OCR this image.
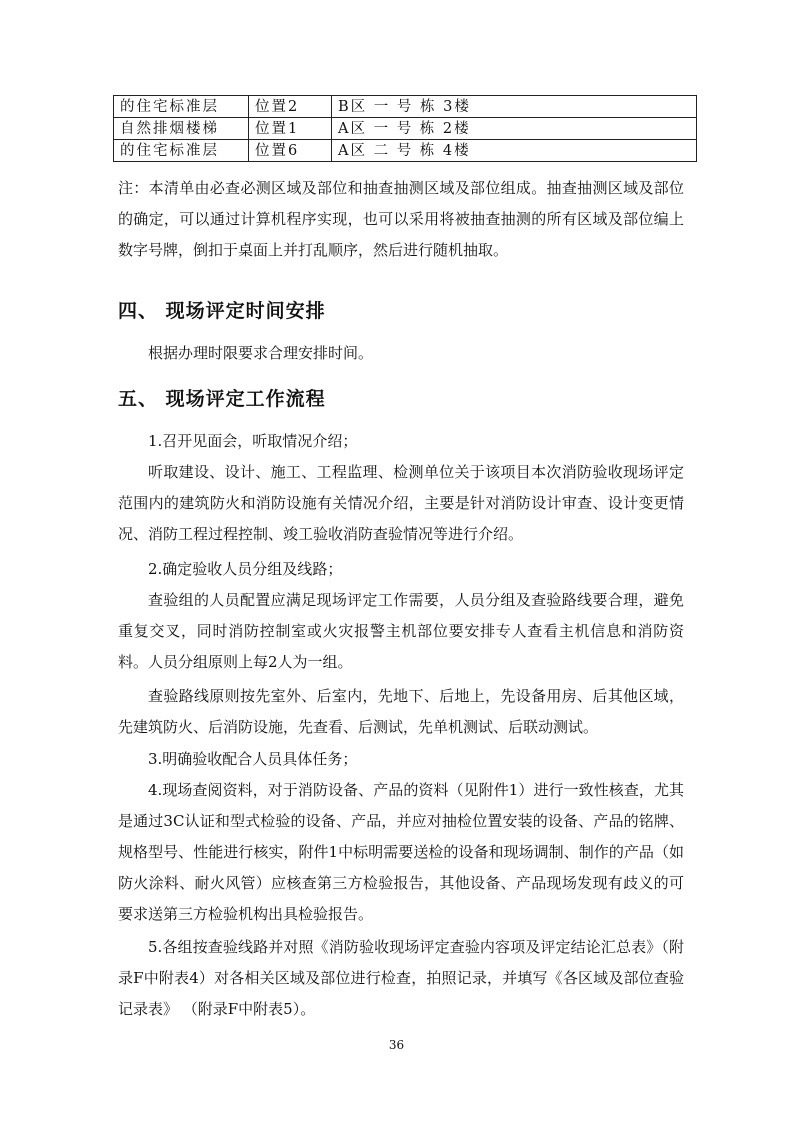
的住宅标准层	位置2	B区 一 号 栋 3楼
自然排烟楼梯	位置1	A区 一 号 栋 2楼
的住宅标准层	位置6	A区 二 号 栋 4楼

注：本清单由必查必测区域及部位和抽查抽测区域及部位组成。抽查抽测区域及部位的确定，可以通过计算机程序实现，也可以采用将被抽查抽测的所有区域及部位编上数字号牌，倒扣于桌面上并打乱顺序，然后进行随机抽取。

四、 现场评定时间安排

根据办理时限要求合理安排时间。

五、 现场评定工作流程

1.召开见面会，听取情况介绍；

听取建设、设计、施工、工程监理、检测单位关于该项目本次消防验收现场评定范围内的建筑防火和消防设施有关情况介绍，主要是针对消防设计审查、设计变更情况、消防工程过程控制、竣工验收消防查验情况等进行介绍。

2.确定验收人员分组及线路；

查验组的人员配置应满足现场评定工作需要，人员分组及查验路线要合理，避免重复交叉，同时消防控制室或火灾报警主机部位要安排专人查看主机信息和消防资料。人员分组原则上每2人为一组。

查验路线原则按先室外、后室内，先地下、后地上，先设备用房、后其他区域，先建筑防火、后消防设施，先查看、后测试，先单机测试、后联动测试。

3.明确验收配合人员具体任务；

4.现场查阅资料，对于消防设备、产品的资料（见附件1）进行一致性核查，尤其是通过3C认证和型式检验的设备、产品，并应对抽检位置安装的设备、产品的铭牌、规格型号、性能进行核实，附件1中标明需要送检的设备和现场调制、制作的产品（如防火涂料、耐火风管）应核查第三方检验报告，其他设备、产品现场发现有歧义的可要求送第三方检验机构出具检验报告。

5.各组按查验线路并对照《消防验收现场评定查验内容项及评定结论汇总表》（附录F中附表4）对各相关区域及部位进行检查，拍照记录，并填写《各区域及部位查验记录表》 （附录F中附表5）。

36
